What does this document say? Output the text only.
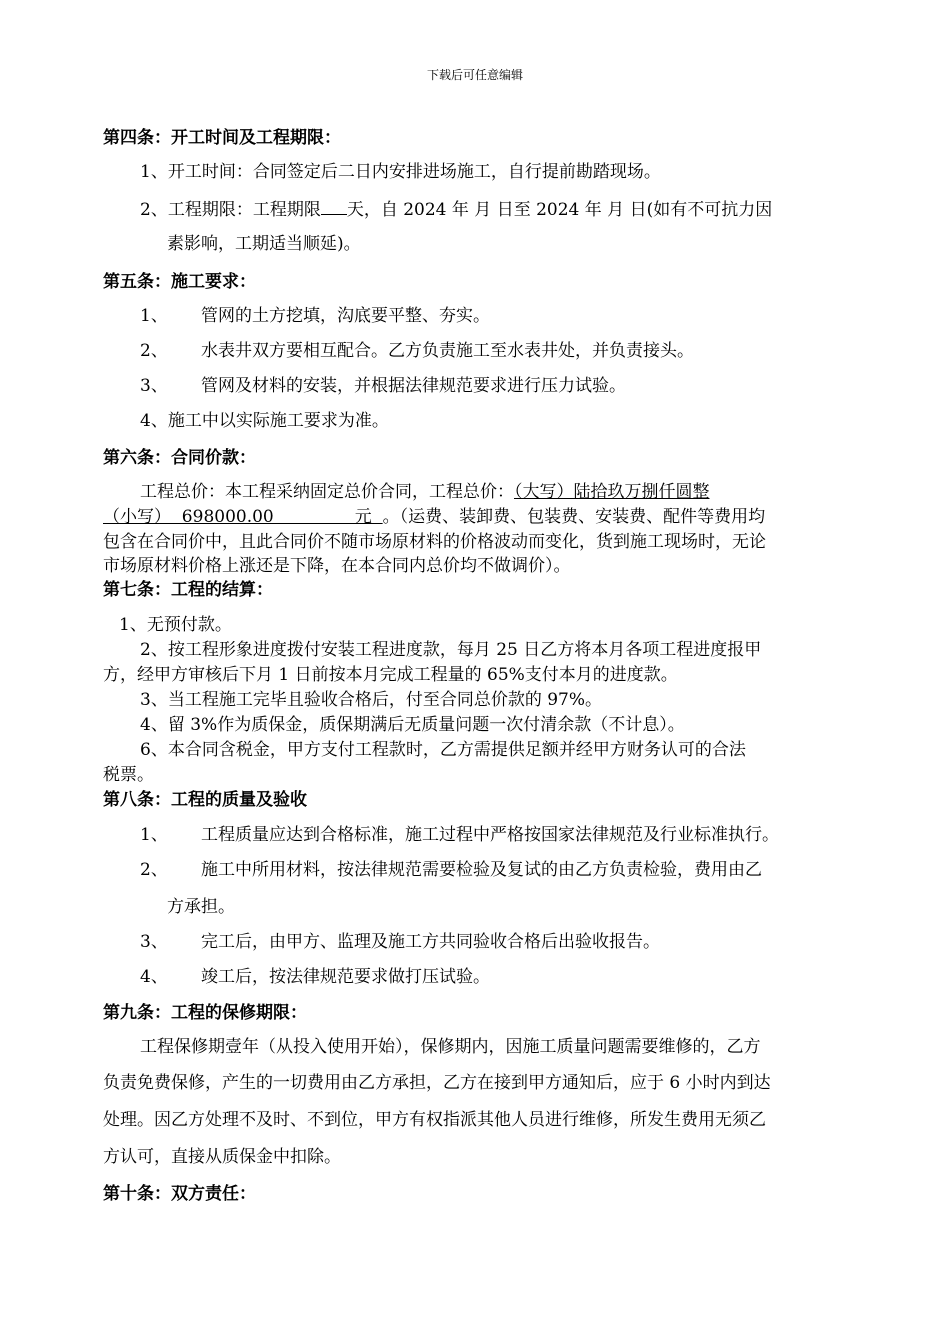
下载后可任意编辑
第四条：开工时间及工程期限：
1、开工时间：合同签定后二日内安排进场施工，自行提前勘踏现场。
2、工程期限：工程期限 天，自 2024 年 月 日至 2024 年 月 日(如有不可抗力因
素影响，工期适当顺延)。
第五条：施工要求：
1、 管网的土方挖填，沟底要平整、夯实。
2、 水表井双方要相互配合。乙方负责施工至水表井处，并负责接头。
3、 管网及材料的安装，并根据法律规范要求进行压力试验。
4、施工中以实际施工要求为准。
第六条：合同价款：
工程总价：本工程采纳固定总价合同，工程总价：（大写）陆拾玖万捌仟圆整
（小写）  698000.00               元  。（运费、装卸费、包装费、安装费、配件等费用均
包含在合同价中，且此合同价不随市场原材料的价格波动而变化，货到施工现场时，无论
市场原材料价格上涨还是下降，在本合同内总价均不做调价）。
第七条：工程的结算：
1、无预付款。
2、按工程形象进度拨付安装工程进度款，每月 25 日乙方将本月各项工程进度报甲
方，经甲方审核后下月 1 日前按本月完成工程量的 65%支付本月的进度款。
3、当工程施工完毕且验收合格后，付至合同总价款的 97%。
4、留 3%作为质保金，质保期满后无质量问题一次付清余款（不计息）。
6、本合同含税金，甲方支付工程款时，乙方需提供足额并经甲方财务认可的合法
税票。
第八条：工程的质量及验收
1、 工程质量应达到合格标准，施工过程中严格按国家法律规范及行业标准执行。
2、 施工中所用材料，按法律规范需要检验及复试的由乙方负责检验，费用由乙
方承担。
3、 完工后，由甲方、监理及施工方共同验收合格后出验收报告。
4、 竣工后，按法律规范要求做打压试验。
第九条：工程的保修期限：
工程保修期壹年（从投入使用开始），保修期内，因施工质量问题需要维修的，乙方
负责免费保修，产生的一切费用由乙方承担，乙方在接到甲方通知后，应于 6 小时内到达
处理。因乙方处理不及时、不到位，甲方有权指派其他人员进行维修，所发生费用无须乙
方认可，直接从质保金中扣除。
第十条：双方责任：
